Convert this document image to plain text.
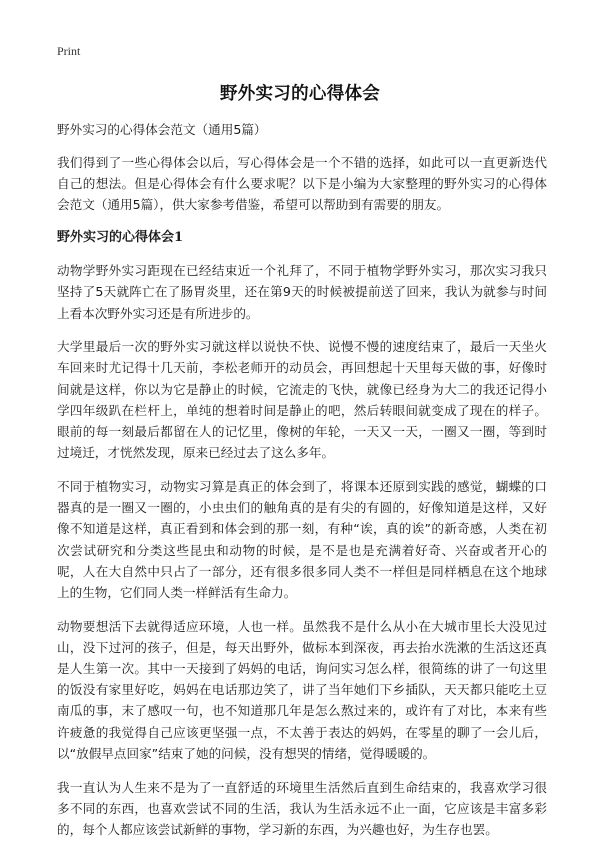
Print
野外实习的心得体会

野外实习的心得体会范文（通用5篇）

我们得到了一些心得体会以后，写心得体会是一个不错的选择，如此可以一直更新迭代自己的想法。但是心得体会有什么要求呢？以下是小编为大家整理的野外实习的心得体会范文（通用5篇），供大家参考借鉴，希望可以帮助到有需要的朋友。

野外实习的心得体会1

动物学野外实习距现在已经结束近一个礼拜了，不同于植物学野外实习，那次实习我只坚持了5天就阵亡在了肠胃炎里，还在第9天的时候被提前送了回来，我认为就参与时间上看本次野外实习还是有所进步的。

大学里最后一次的野外实习就这样以说快不快、说慢不慢的速度结束了，最后一天坐火车回来时尤记得十几天前，李松老师开的动员会，再回想起十天里每天做的事，好像时间就是这样，你以为它是静止的时候，它流走的飞快，就像已经身为大二的我还记得小学四年级趴在栏杆上，单纯的想着时间是静止的吧，然后转眼间就变成了现在的样子。眼前的每一刻最后都留在人的记忆里，像树的年轮，一天又一天，一圈又一圈，等到时过境迁，才恍然发现，原来已经过去了这么多年。

不同于植物实习，动物实习算是真正的体会到了，将课本还原到实践的感觉，蝴蝶的口器真的是一圈又一圈的，小虫虫们的触角真的是有尖的有圆的，好像知道是这样，又好像不知道是这样，真正看到和体会到的那一刻，有种“诶，真的诶”的新奇感，人类在初次尝试研究和分类这些昆虫和动物的时候，是不是也是充满着好奇、兴奋或者开心的呢，人在大自然中只占了一部分，还有很多很多同人类不一样但是同样栖息在这个地球上的生物，它们同人类一样鲜活有生命力。

动物要想活下去就得适应环境，人也一样。虽然我不是什么从小在大城市里长大没见过山，没下过河的孩子，但是，每天出野外，做标本到深夜，再去抬水洗漱的生活这还真是人生第一次。其中一天接到了妈妈的电话，询问实习怎么样，很简练的讲了一句这里的饭没有家里好吃，妈妈在电话那边笑了，讲了当年她们下乡插队，天天都只能吃土豆南瓜的事，末了感叹一句，也不知道那几年是怎么熬过来的，或许有了对比，本来有些许疲惫的我觉得自己应该更坚强一点，不太善于表达的妈妈，在零星的聊了一会儿后，以“放假早点回家”结束了她的问候，没有想哭的情绪，觉得暖暖的。

我一直认为人生来不是为了一直舒适的环境里生活然后直到生命结束的，我喜欢学习很多不同的东西，也喜欢尝试不同的生活，我认为生活永远不止一面，它应该是丰富多彩的，每个人都应该尝试新鲜的事物，学习新的东西，为兴趣也好，为生存也罢。
